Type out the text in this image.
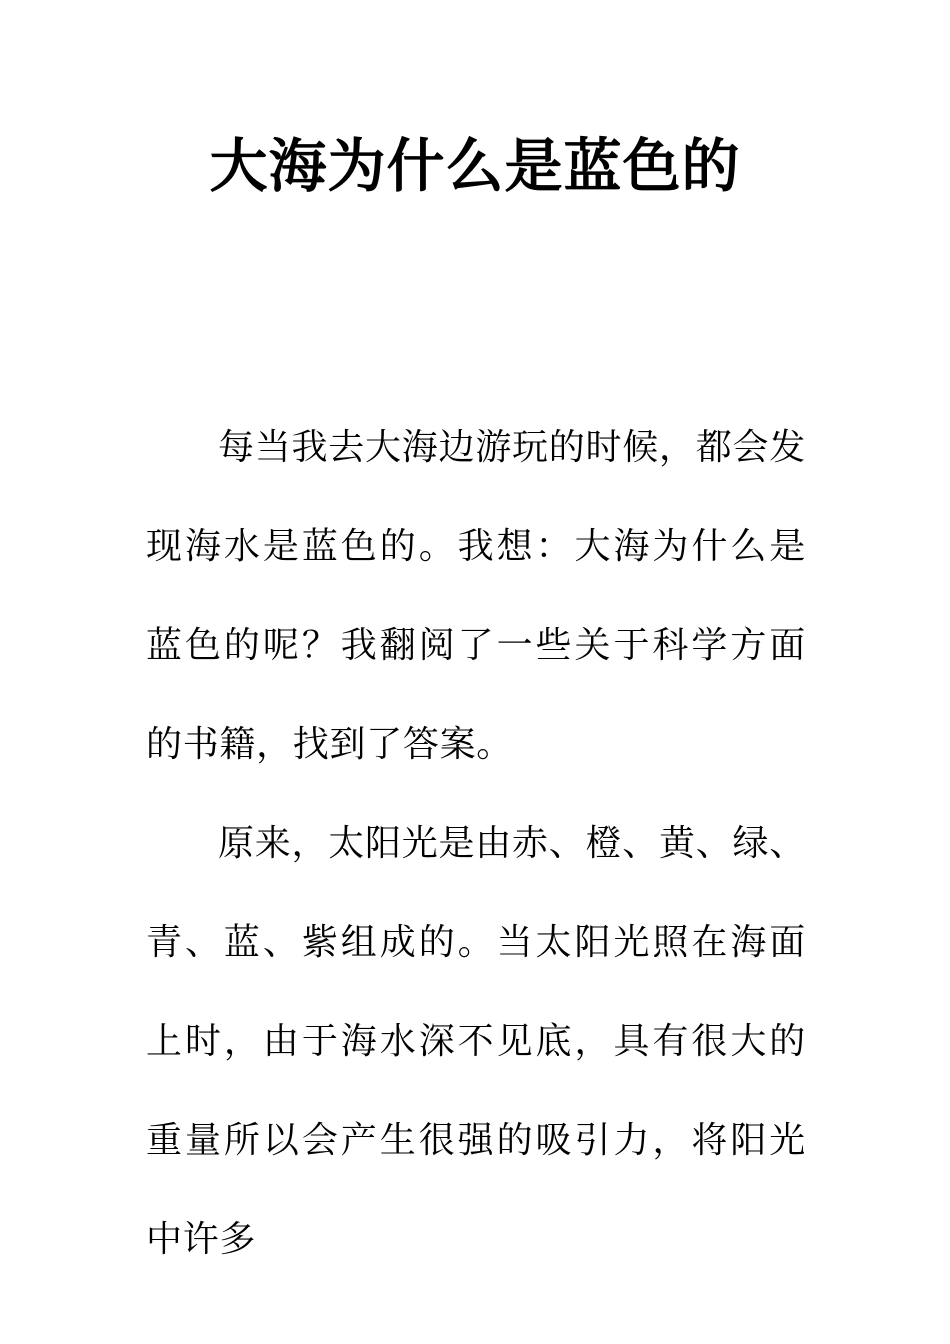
大海为什么是蓝色的

每当我去大海边游玩的时候，都会发现海水是蓝色的。我想：大海为什么是蓝色的呢？我翻阅了一些关于科学方面的书籍，找到了答案。

原来，太阳光是由赤、橙、黄、绿、青、蓝、紫组成的。当太阳光照在海面上时，由于海水深不见底，具有很大的重量所以会产生很强的吸引力，将阳光中许多
